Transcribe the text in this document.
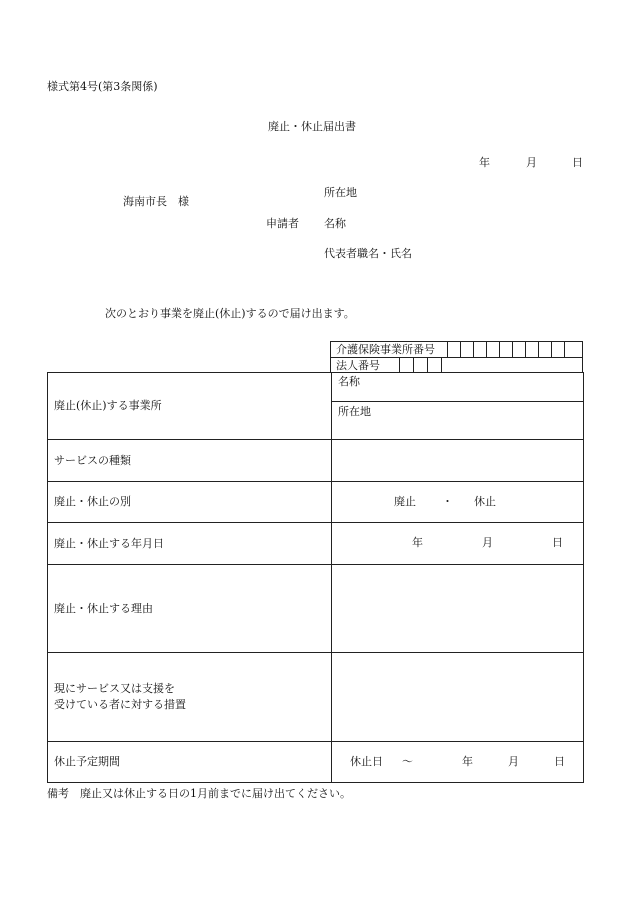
様式第4号(第3条関係)
廃止・休止届出書
年	月	日
海南市長　様
所在地
申請者 名称
代表者職名・氏名
次のとおり事業を廃止(休止)するので届け出ます。
介護保険事業所番号
法人番号
廃止(休止)する事業所	名称
	所在地
サービスの種類	
廃止・休止の別	廃止 ・ 休止

廃止・休止する年月日	年 月 日

廃止・休止する理由	

現にサービス又は支援を
受けている者に対する措置	

休止予定期間	休止日 ～ 年 月 日
備考　廃止又は休止する日の1月前までに届け出てください。
